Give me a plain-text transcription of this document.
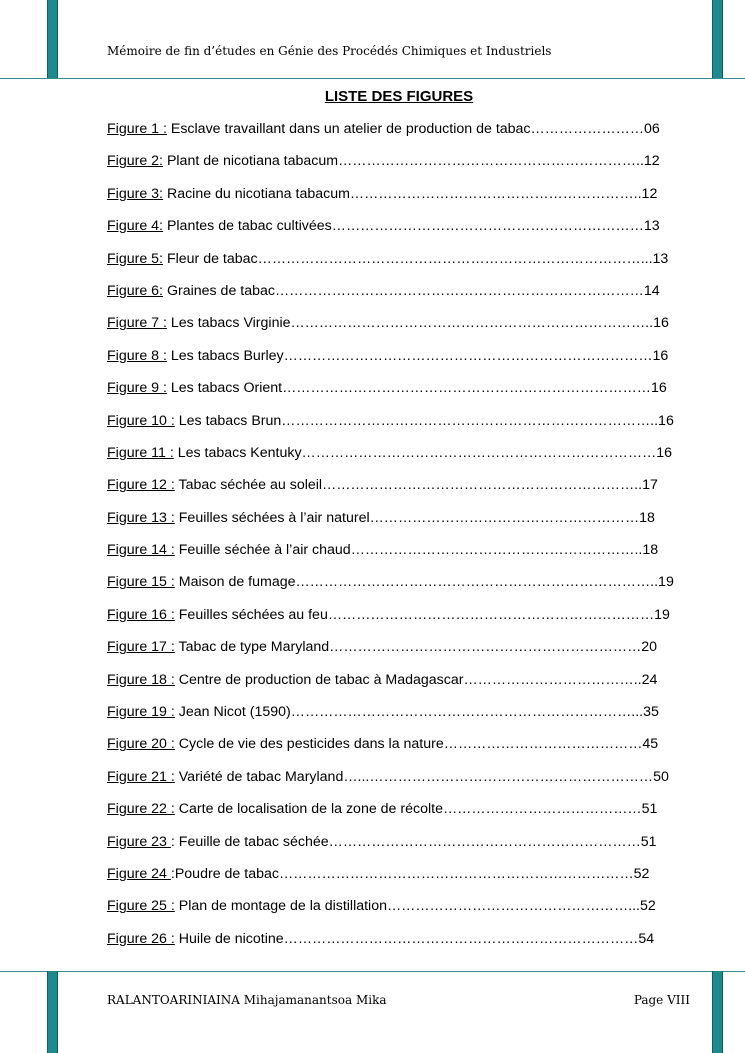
Mémoire de fin d’études en Génie des Procédés Chimiques et Industriels
LISTE DES FIGURES
Figure 1 : Esclave travaillant dans un atelier de production de tabac……………………06
Figure 2: Plant de nicotiana tabacum………………………………………………………..12
Figure 3: Racine du nicotiana tabacum……………………………………………………..12
Figure 4: Plantes de tabac cultivées…………………………………………………………13
Figure 5: Fleur de tabac………………………………………………………………………...13
Figure 6: Graines de tabac……………………………………………………………………14
Figure 7 : Les tabacs Virginie…………………………………………………………………..16
Figure 8 : Les tabacs Burley……………………………………………………………………16
Figure 9 : Les tabacs Orient……………………………………………………………………16
Figure 10 : Les tabacs Brun……………………………………………………………………..16
Figure 11 : Les tabacs Kentuky…………………………………………………………………16
Figure 12 : Tabac séchée au soleil…………………………………………………………..17
Figure 13 : Feuilles séchées à l’air naturel…………………………………………………18
Figure 14 : Feuille séchée à l’air chaud……………………………………………………..18
Figure 15 : Maison de fumage…………………………………………………………………..19
Figure 16 : Feuilles séchées au feu……………………………………………………………19
Figure 17 : Tabac de type Maryland…………………………………………………………20
Figure 18 : Centre de production de tabac à Madagascar………………………………..24
Figure 19 : Jean Nicot (1590)………………………………………………………………...35
Figure 20 : Cycle de vie des pesticides dans la nature……………………………………45
Figure 21 : Variété de tabac Maryland…...……………………………………………………50
Figure 22 : Carte de localisation de la zone de récolte……………………………………51
Figure 23 : Feuille de tabac séchée…………………………………………………………51
Figure 24 :Poudre de tabac…………………………………………………………………52
Figure 25 : Plan de montage de la distillation……………………………………………...52
Figure 26 : Huile de nicotine…………………………………………………………………54
RALANTOARINIAINA Mihajamanantsoa Mika	Page VIII
